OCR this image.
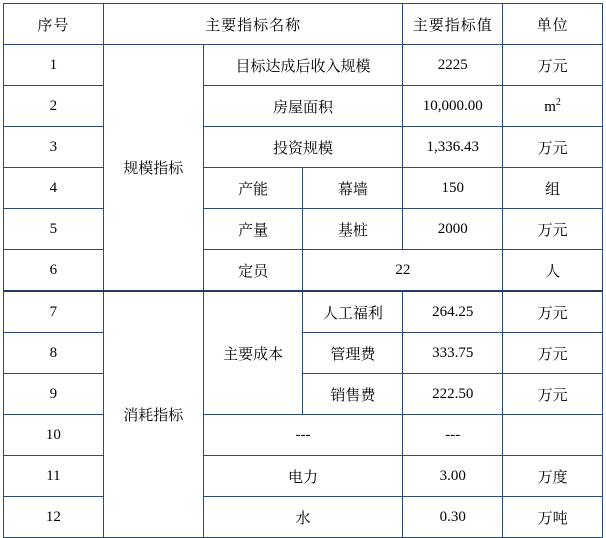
序号	主要指标名称			主要指标值	单位
1	规模指标	目标达成后收入规模		2225	万元
2		房屋面积		10,000.00	$m^2$
3		投资规模		1,336.43	万元
4		产能	幕墙	150	组
5		产量	基桩	2000	万元
6		定员	22		人
7	消耗指标	主要成本	人工福利	264.25	万元
8			管理费	333.75	万元
9			销售费	222.50	万元
10		---		---	
11		电力		3.00	万度
12		水		0.30	万吨
